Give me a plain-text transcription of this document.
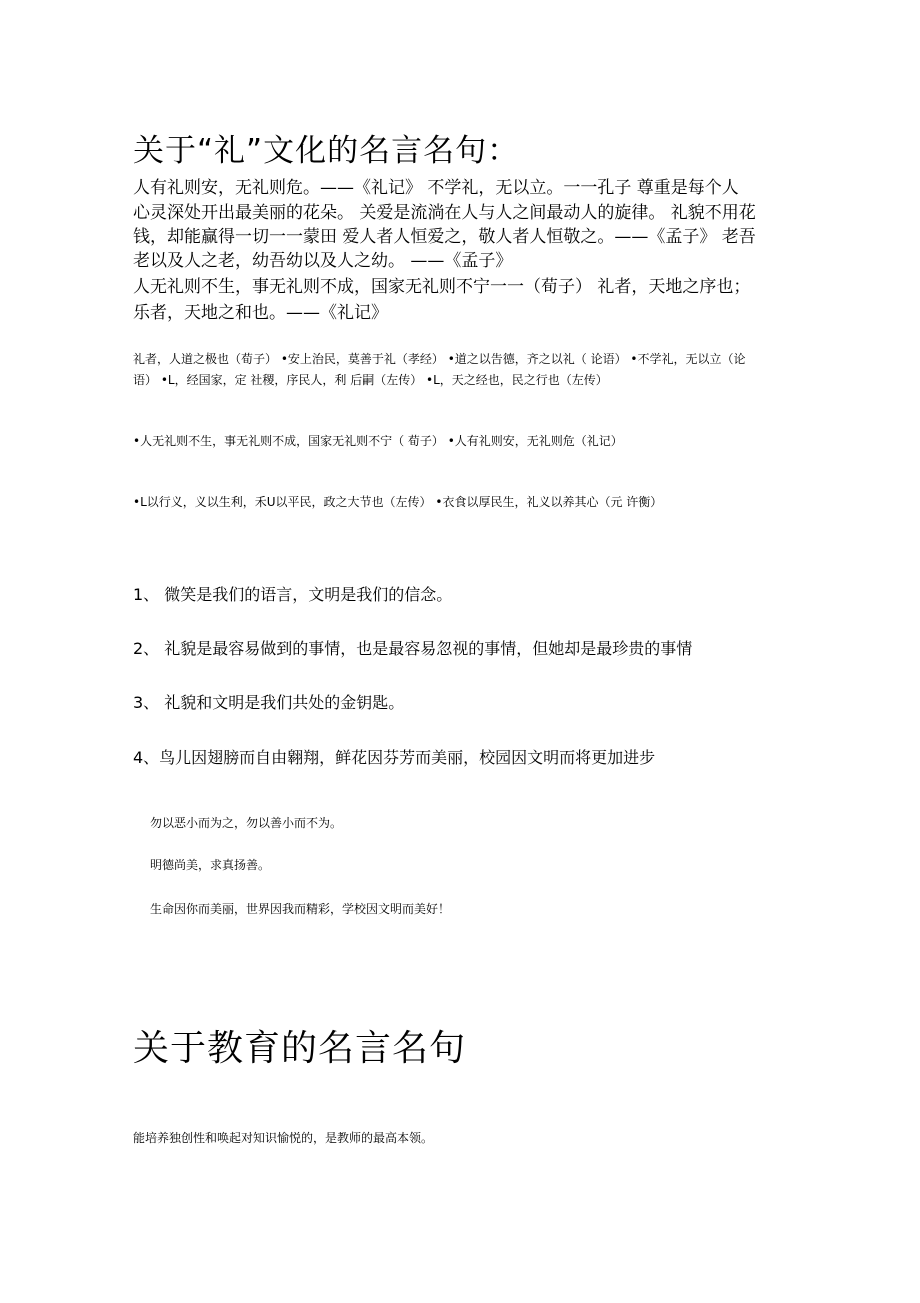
关于“礼”文化的名言名句：

人有礼则安，无礼则危。——《礼记》 不学礼，无以立。一一孔子 尊重是每个人

心灵深处开出最美丽的花朵。 关爱是流淌在人与人之间最动人的旋律。 礼貌不用花

钱，却能赢得一切一一蒙田 爱人者人恒爱之，敬人者人恒敬之。——《孟子》 老吾

老以及人之老，幼吾幼以及人之幼。 ——《孟子》

人无礼则不生，事无礼则不成，国家无礼则不宁一一（荀子） 礼者，天地之序也；

乐者，天地之和也。——《礼记》

礼者，人道之极也（荀子） •安上治民，莫善于礼（孝经） •道之以告德，齐之以礼（ 论语） •不学礼，无以立（论

语） •L，经国家，定 社稷，序民人，利 后嗣（左传） •L，天之经也，民之行也（左传）

•人无礼则不生，事无礼则不成，国家无礼则不宁（ 荀子） •人有礼则安，无礼则危（礼记）

•L以行义，义以生利，禾U以平民，政之大节也（左传） •衣食以厚民生，礼义以养其心（元 许衡）

1、 微笑是我们的语言，文明是我们的信念。

2、 礼貌是最容易做到的事情，也是最容易忽视的事情，但她却是最珍贵的事情

3、 礼貌和文明是我们共处的金钥匙。

4、鸟儿因翅膀而自由翱翔，鲜花因芬芳而美丽，校园因文明而将更加进步

勿以恶小而为之，勿以善小而不为。

明德尚美，求真扬善。

生命因你而美丽，世界因我而精彩，学校因文明而美好！

关于教育的名言名句

能培养独创性和唤起对知识愉悦的，是教师的最高本领。
